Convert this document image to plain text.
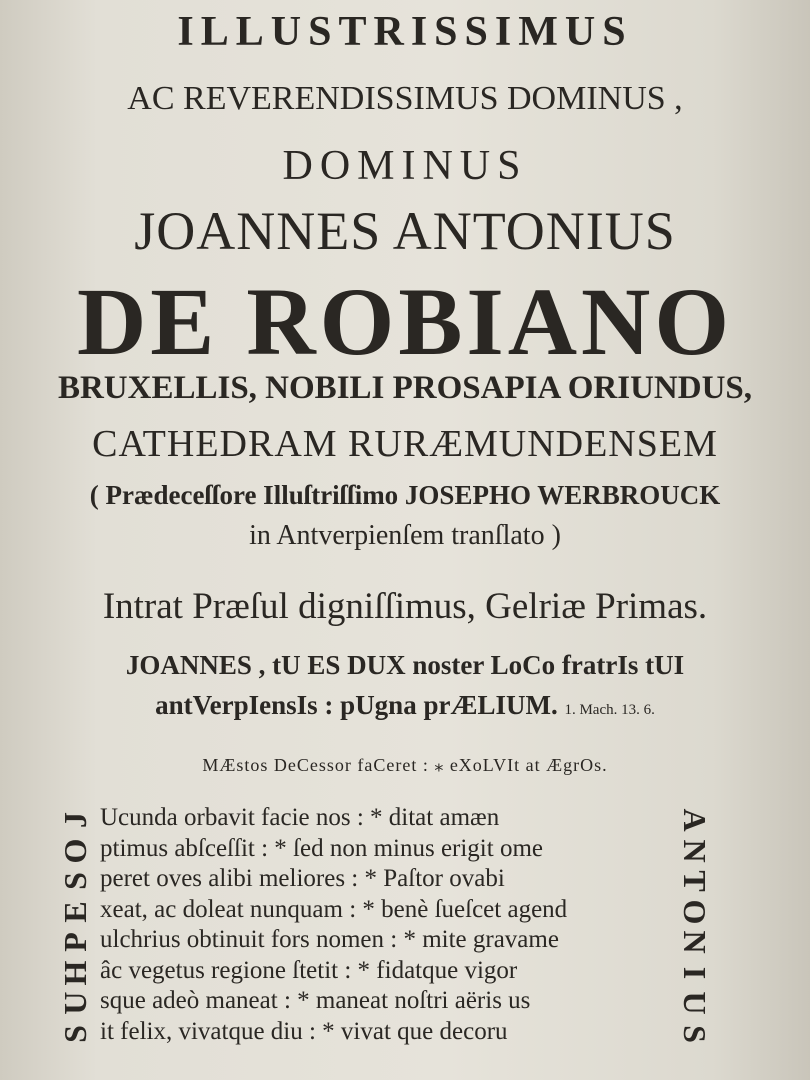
ILLUSTRISSIMUS
AC REVERENDISSIMUS DOMINUS ,
DOMINUS
JOANNES ANTONIUS
DE ROBIANO
BRUXELLIS, NOBILI PROSAPIA ORIUNDUS,
CATHEDRAM RURÆMUNDENSEM
( Prædeceſſore Illuſtriſſimo JOSEPHO WERBROUCK
in Antverpienſem tranſlato )
Intrat Præſul digniſſimus, Gelriæ Primas.
JOANNES , tU ES DUX noster LoCo fratrIs tUI
antVerpIensIs : pUgna prÆLIUM. 1. Mach. 13. 6.
MÆstos DeCessor faCeret : ⁎ eXoLVIt at ÆgrOs.
J
O
S
E
P
H
U
S
Ucunda orbavit facie nos : * ditat amæn
ptimus abſceſſit : * ſed non minus erigit ome
peret oves alibi meliores : * Paſtor ovabi
xeat, ac doleat nunquam : * benè ſueſcet agend
ulchrius obtinuit fors nomen : * mite gravame
âc vegetus regione ſtetit : * fidatque vigor
sque adeò maneat : * maneat noſtri aëris us
it felix, vivatque diu : * vivat que decoru
A
N
T
O
N
I
U
S
